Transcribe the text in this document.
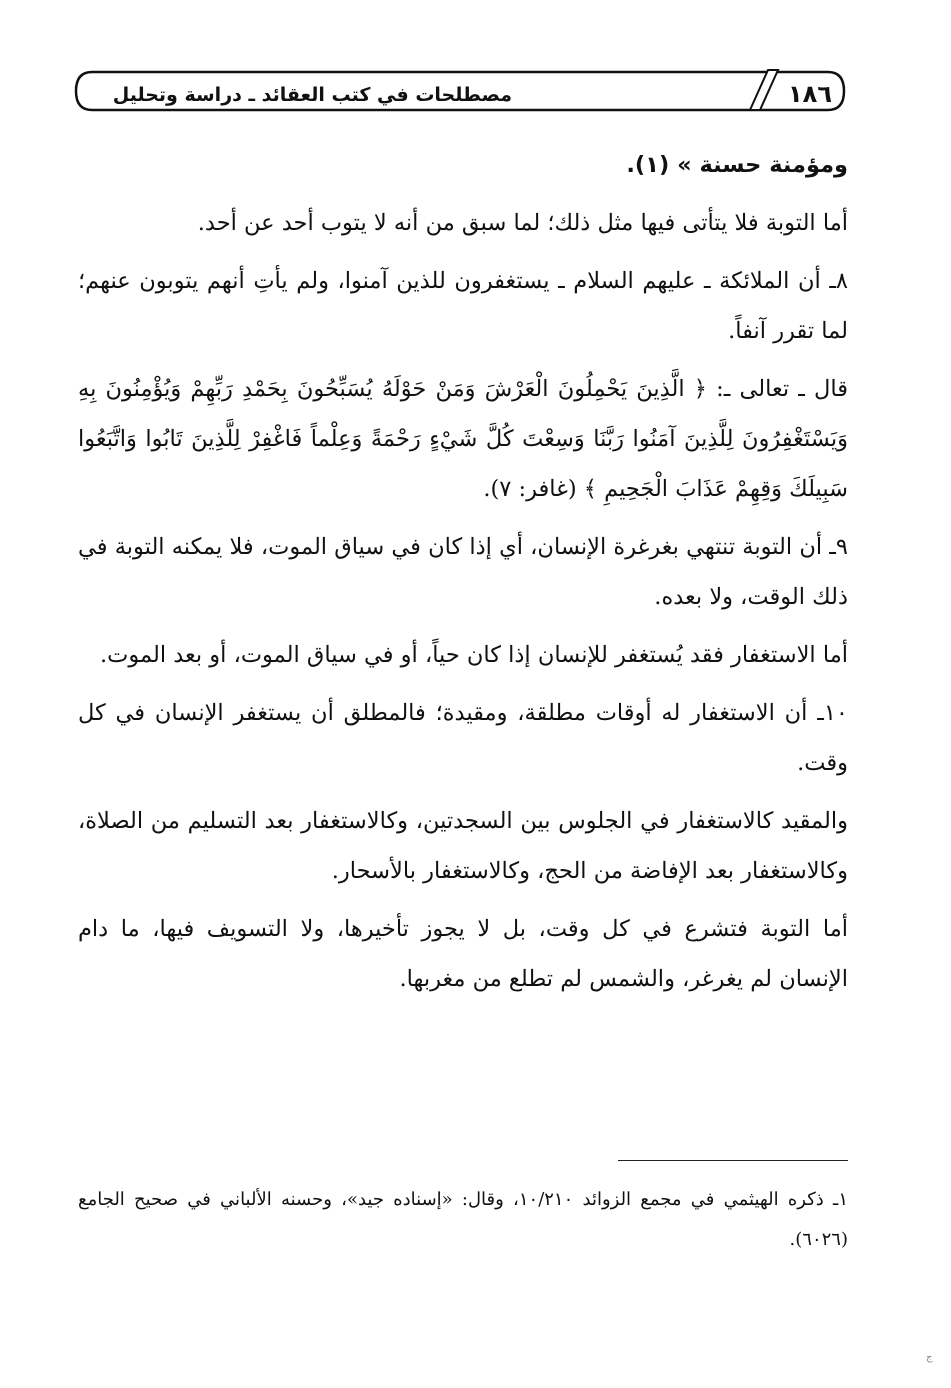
مصطلحات في كتب العقائد ـ دراسة وتحليل	١٨٦

ومؤمنة حسنة » (١).

أما التوبة فلا يتأتى فيها مثل ذلك؛ لما سبق من أنه لا يتوب أحد عن أحد.

٨ـ أن الملائكة ـ عليهم السلام ـ يستغفرون للذين آمنوا، ولم يأتِ أنهم يتوبون عنهم؛ لما تقرر آنفاً.

قال ـ تعالى ـ: ﴿ الَّذِينَ يَحْمِلُونَ الْعَرْشَ وَمَنْ حَوْلَهُ يُسَبِّحُونَ بِحَمْدِ رَبِّهِمْ وَيُؤْمِنُونَ بِهِ وَيَسْتَغْفِرُونَ لِلَّذِينَ آمَنُوا رَبَّنَا وَسِعْتَ كُلَّ شَيْءٍ رَحْمَةً وَعِلْماً فَاغْفِرْ لِلَّذِينَ تَابُوا وَاتَّبَعُوا سَبِيلَكَ وَقِهِمْ عَذَابَ الْجَحِيمِ ﴾ (غافر: ٧).

٩ـ أن التوبة تنتهي بغرغرة الإنسان، أي إذا كان في سياق الموت، فلا يمكنه التوبة في ذلك الوقت، ولا بعده.

أما الاستغفار فقد يُستغفر للإنسان إذا كان حياً، أو في سياق الموت، أو بعد الموت.

١٠ـ أن الاستغفار له أوقات مطلقة، ومقيدة؛ فالمطلق أن يستغفر الإنسان في كل وقت.

والمقيد كالاستغفار في الجلوس بين السجدتين، وكالاستغفار بعد التسليم من الصلاة، وكالاستغفار بعد الإفاضة من الحج، وكالاستغفار بالأسحار.

أما التوبة فتشرع في كل وقت، بل لا يجوز تأخيرها، ولا التسويف فيها، ما دام الإنسان لم يغرغر، والشمس لم تطلع من مغربها.

١ـ ذكره الهيثمي في مجمع الزوائد ١٠/٢١٠، وقال: «إسناده جيد»، وحسنه الألباني في صحيح الجامع (٦٠٢٦).
ج
